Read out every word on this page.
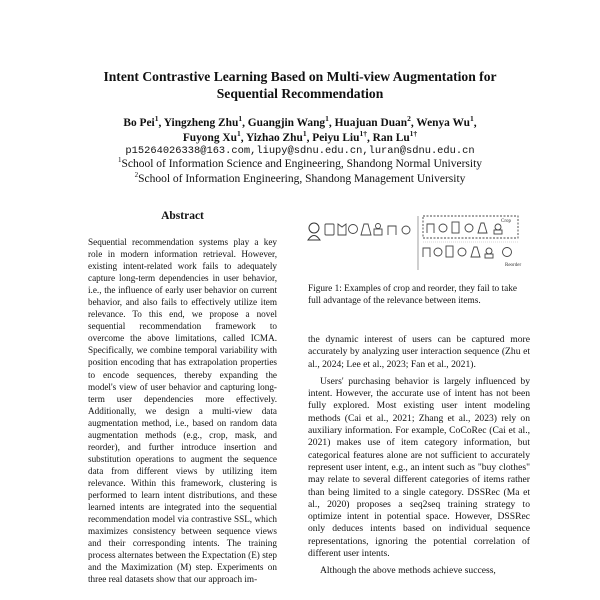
Intent Contrastive Learning Based on Multi-view Augmentation for
Sequential Recommendation
Bo Pei$^1$, Yingzheng Zhu$^1$, Guangjin Wang$^1$, Huajuan Duan$^2$, Wenya Wu$^1$,
Fuyong Xu$^1$, Yizhao Zhu$^1$, Peiyu Liu$^{1\dagger}$, Ran $Lu^{1\dagger}$
p15264026338@163.com,liupy@sdnu.edu.cn,luran@sdnu.edu.cn
$^1$School of Information Science and Engineering, Shandong Normal University
$^2$School of Information Engineering, Shandong Management University
Abstract

Sequential recommendation systems play a key role in modern information retrieval. However, existing intent-related work fails to adequately capture long-term dependencies in user behavior, i.e., the influence of early user behavior on current behavior, and also fails to effectively utilize item relevance. To this end, we propose a novel sequential recommendation framework to overcome the above limitations, called ICMA. Specifically, we combine temporal variability with position encoding that has extrapolation properties to encode sequences, thereby expanding the model's view of user behavior and capturing long-term user dependencies more effectively. Additionally, we design a multi-view data augmentation method, i.e., based on random data augmentation methods (e.g., crop, mask, and reorder), and further introduce insertion and substitution operations to augment the sequence data from different views by utilizing item relevance. Within this framework, clustering is performed to learn intent distributions, and these learned intents are integrated into the sequential recommendation model via contrastive SSL, which maximizes consistency between sequence views and their corresponding intents. The training process alternates between the Expectation (E) step and the Maximization (M) step. Experiments on three real datasets show that our approach im-

Crop
Reorder
Figure 1: Examples of crop and reorder, they fail to take full advantage of the relevance between items.

the dynamic interest of users can be captured more accurately by analyzing user interaction sequence (Zhu et al., 2024; Lee et al., 2023; Fan et al., 2021).

Users' purchasing behavior is largely influenced by intent. However, the accurate use of intent has not been fully explored. Most existing user intent modeling methods (Cai et al., 2021; Zhang et al., 2023) rely on auxiliary information. For example, CoCoRec (Cai et al., 2021) makes use of item category information, but categorical features alone are not sufficient to accurately represent user intent, e.g., an intent such as "buy clothes" may relate to several different categories of items rather than being limited to a single category. DSSRec (Ma et al., 2020) proposes a seq2seq training strategy to optimize intent in potential space. However, DSSRec only deduces intents based on individual sequence representations, ignoring the potential correlation of different user intents.

Although the above methods achieve success,
